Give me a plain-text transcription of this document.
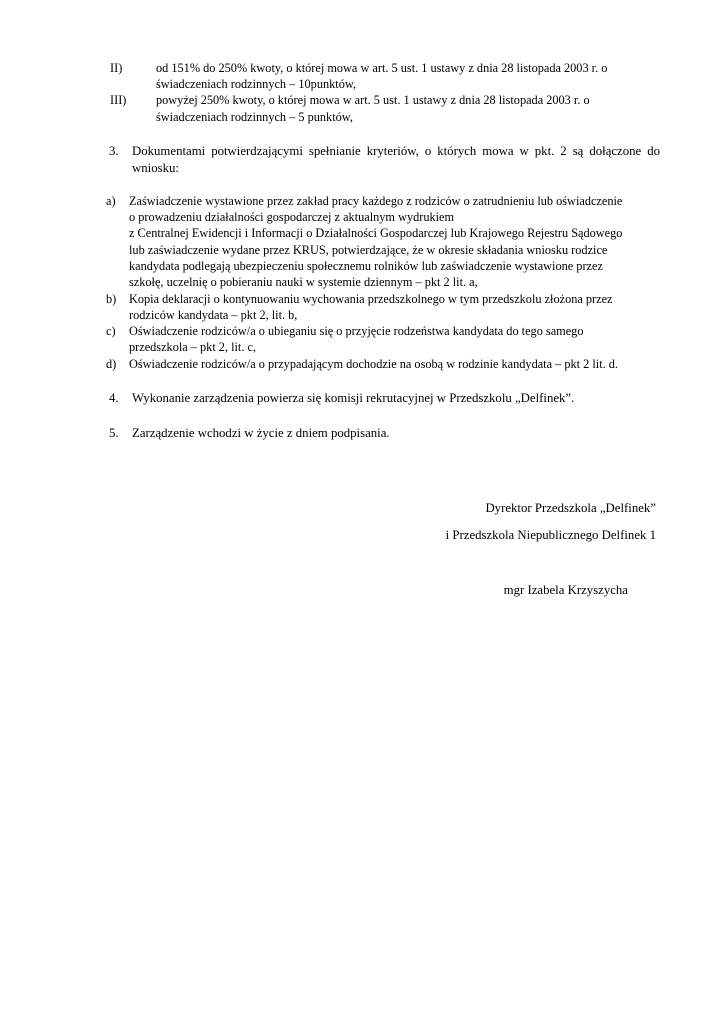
II)	od 151% do 250% kwoty, o której mowa w art. 5 ust. 1 ustawy z dnia 28 listopada 2003 r. o
świadczeniach rodzinnych – 10punktów,
III)	powyżej 250% kwoty, o której mowa w art. 5 ust. 1 ustawy z dnia 28 listopada 2003 r. o
świadczeniach rodzinnych – 5 punktów,
3.	Dokumentami potwierdzającymi spełnianie kryteriów, o których mowa w pkt. 2 są dołączone do wniosku:
a)	Zaświadczenie wystawione przez zakład pracy każdego z rodziców o zatrudnieniu lub oświadczenie
o prowadzeniu działalności gospodarczej z aktualnym wydrukiem
z Centralnej Ewidencji i Informacji o Działalności Gospodarczej lub Krajowego Rejestru Sądowego
lub zaświadczenie wydane przez KRUS, potwierdzające, że w okresie składania wniosku rodzice
kandydata podlegają ubezpieczeniu społecznemu rolników lub zaświadczenie wystawione przez
szkołę, uczelnię o pobieraniu nauki w systemie dziennym – pkt 2 lit. a,
b)	Kopia deklaracji o kontynuowaniu wychowania przedszkolnego w tym przedszkolu złożona przez
rodziców kandydata – pkt 2, lit. b,
c)	Oświadczenie rodziców/a o ubieganiu się o przyjęcie rodzeństwa kandydata do tego samego
przedszkola – pkt 2, lit. c,
d)	Oświadczenie rodziców/a o przypadającym dochodzie na osobą w rodzinie kandydata – pkt 2 lit. d.
4.	Wykonanie zarządzenia powierza się komisji rekrutacyjnej w Przedszkolu „Delfinek”.
5.	Zarządzenie wchodzi w życie z dniem podpisania.
Dyrektor Przedszkola „Delfinek”
i Przedszkola Niepublicznego Delfinek 1
mgr Izabela Krzyszycha
